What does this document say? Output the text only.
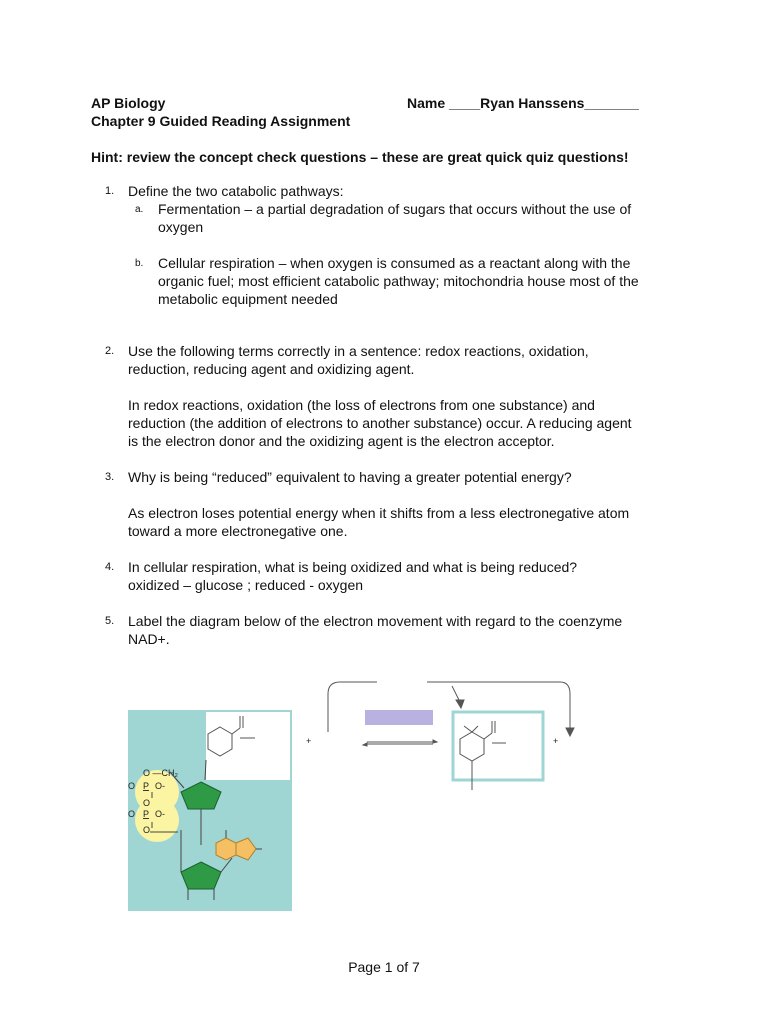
AP Biology	Name ____Ryan Hanssens_______
Chapter 9 Guided Reading Assignment
Hint: review the concept check questions – these are great quick quiz questions!
1. Define the two catabolic pathways:
a. Fermentation – a partial degradation of sugars that occurs without the use of
oxygen
b. Cellular respiration – when oxygen is consumed as a reactant along with the
organic fuel; most efficient catabolic pathway; mitochondria house most of the
metabolic equipment needed
2. Use the following terms correctly in a sentence: redox reactions, oxidation,
reduction, reducing agent and oxidizing agent.
In redox reactions, oxidation (the loss of electrons from one substance) and
reduction (the addition of electrons to another substance) occur. A reducing agent
is the electron donor and the oxidizing agent is the electron acceptor.
3. Why is being “reduced” equivalent to having a greater potential energy?
As electron loses potential energy when it shifts from a less electronegative atom
toward a more electronegative one.
4. In cellular respiration, what is being oxidized and what is being reduced?
oxidized – glucose ; reduced - oxygen
5. Label the diagram below of the electron movement with regard to the coenzyme
NAD+.
O —CH₂
O P O-
O
O P O-
O
+	+
Page 1 of 7
